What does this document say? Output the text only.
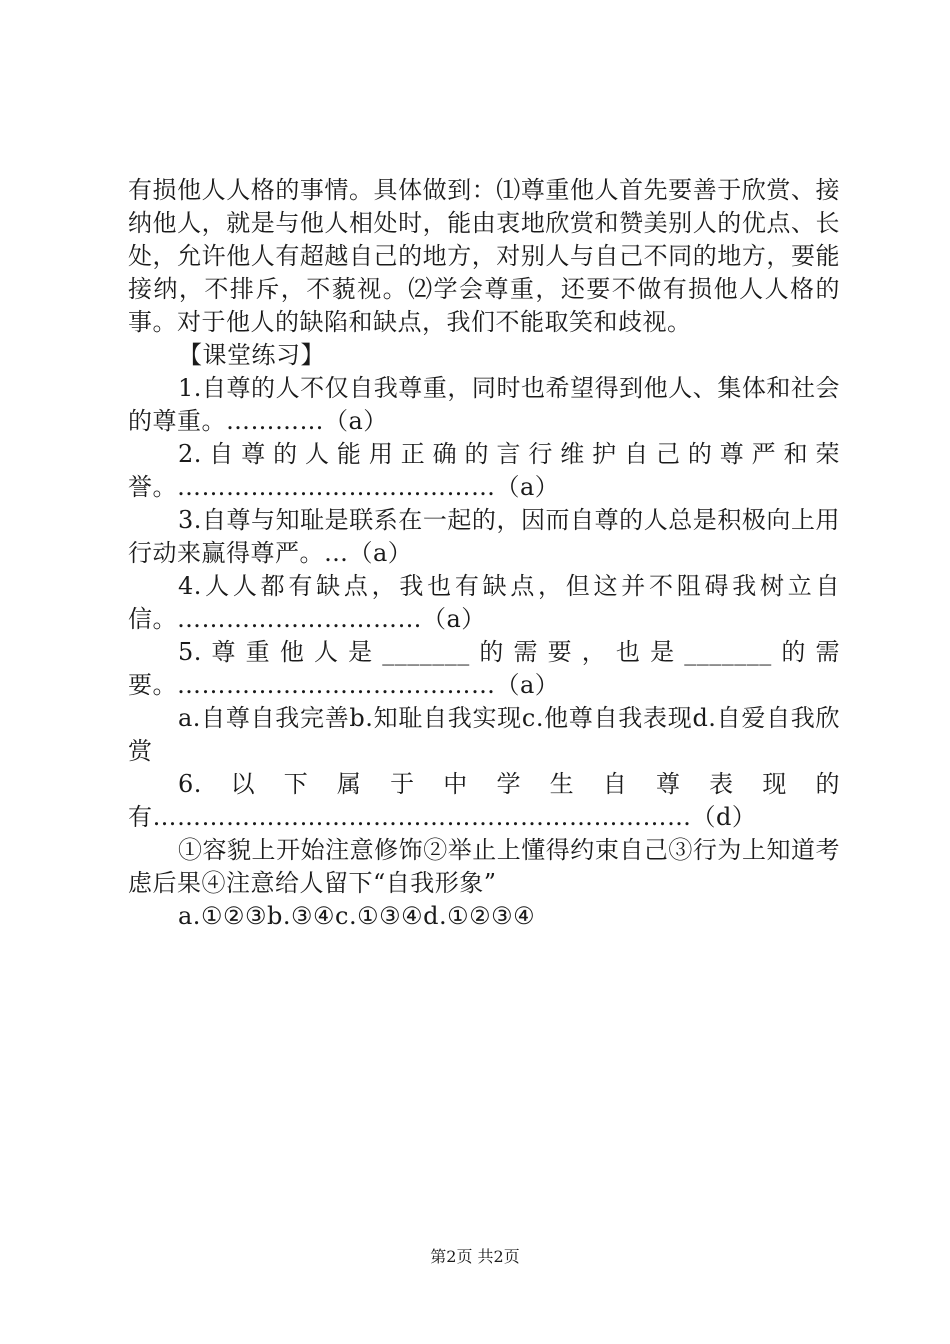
有损他人人格的事情。具体做到：⑴尊重他人首先要善于欣赏、接纳他人，就是与他人相处时，能由衷地欣赏和赞美别人的优点、长处，允许他人有超越自己的地方，对别人与自己不同的地方，要能接纳，不排斥，不藐视。⑵学会尊重，还要不做有损他人人格的事。对于他人的缺陷和缺点，我们不能取笑和歧视。

【课堂练习】

1.自尊的人不仅自我尊重，同时也希望得到他人、集体和社会的尊重。…………（a）

2.自尊的人能用正确的言行维护自己的尊严和荣誉。…………………………………（a）

3.自尊与知耻是联系在一起的，因而自尊的人总是积极向上用行动来赢得尊严。…（a）

4.人人都有缺点，我也有缺点，但这并不阻碍我树立自信。…………………………（a）

5.尊重他人是_______的需要，也是_______的需要。…………………………………（a）

a.自尊自我完善b.知耻自我实现c.他尊自我表现d.自爱自我欣赏

6.以下属于中学生自尊表现的有…………………………………………………………（d）

①容貌上开始注意修饰②举止上懂得约束自己③行为上知道考虑后果④注意给人留下“自我形象”

a.①②③b.③④c.①③④d.①②③④

第2页 共2页
